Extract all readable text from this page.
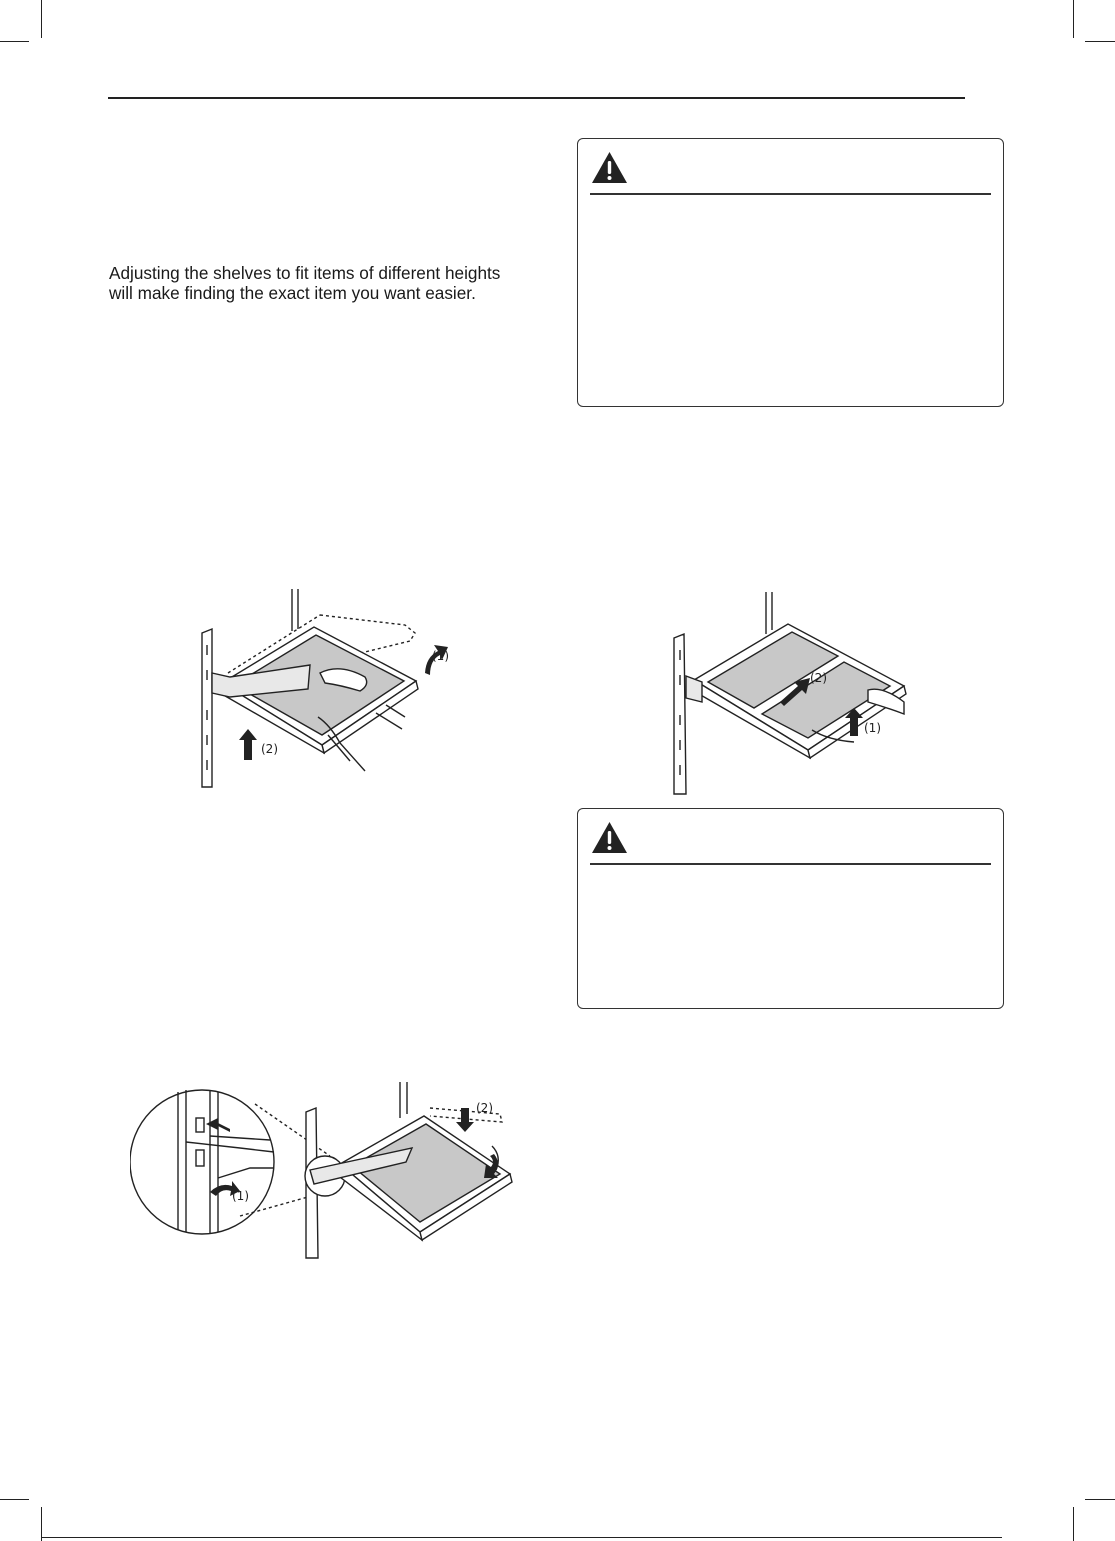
Adjusting the shelves to fit items of different heights
will make finding the exact item you want easier.
(1)
(2)
(2)
(1)
(1)
(2)
